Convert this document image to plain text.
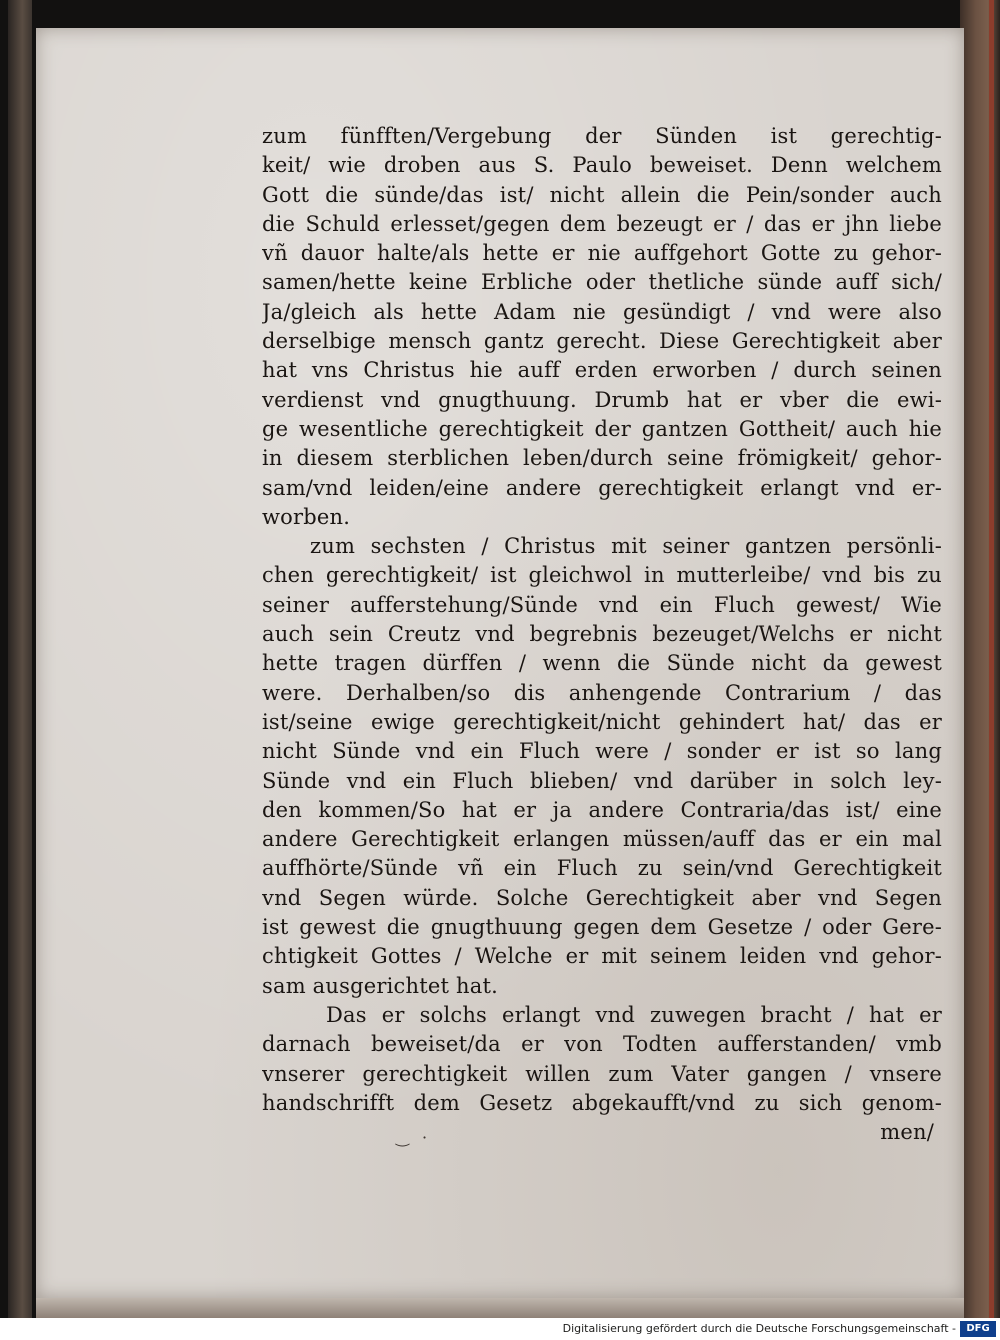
zum fünfften/Vergebung der Sünden ist gerechtig-
keit/ wie droben aus S. Paulo beweiset. Denn welchem
Gott die sünde/das ist/ nicht allein die Pein/sonder auch
die Schuld erlesset/gegen dem bezeugt er / das er jhn liebe
vñ dauor halte/als hette er nie auffgehort Gotte zu gehor-
samen/hette keine Erbliche oder thetliche sünde auff sich/
Ja/gleich als hette Adam nie gesündigt / vnd were also
derselbige mensch gantz gerecht. Diese Gerechtigkeit aber
hat vns Christus hie auff erden erworben / durch seinen
verdienst vnd gnugthuung. Drumb hat er vber die ewi-
ge wesentliche gerechtigkeit der gantzen Gottheit/ auch hie
in diesem sterblichen leben/durch seine frömigkeit/ gehor-
sam/vnd leiden/eine andere gerechtigkeit erlangt vnd er-
worben.
zum sechsten / Christus mit seiner gantzen persönli-
chen gerechtigkeit/ ist gleichwol in mutterleibe/ vnd bis zu
seiner aufferstehung/Sünde vnd ein Fluch gewest/ Wie
auch sein Creutz vnd begrebnis bezeuget/Welchs er nicht
hette tragen dürffen / wenn die Sünde nicht da gewest
were. Derhalben/so dis anhengende Contrarium / das
ist/seine ewige gerechtigkeit/nicht gehindert hat/ das er
nicht Sünde vnd ein Fluch were / sonder er ist so lang
Sünde vnd ein Fluch blieben/ vnd darüber in solch ley-
den kommen/So hat er ja andere Contraria/das ist/ eine
andere Gerechtigkeit erlangen müssen/auff das er ein mal
auffhörte/Sünde vñ ein Fluch zu sein/vnd Gerechtigkeit
vnd Segen würde. Solche Gerechtigkeit aber vnd Segen
ist gewest die gnugthuung gegen dem Gesetze / oder Gere-
chtigkeit Gottes / Welche er mit seinem leiden vnd gehor-
sam ausgerichtet hat.
Das er solchs erlangt vnd zuwegen bracht / hat er
darnach beweiset/da er von Todten aufferstanden/ vmb
vnserer gerechtigkeit willen zum Vater gangen / vnsere
handschrifft dem Gesetz abgekaufft/vnd zu sich genom-
men/
‿ ·
Digitalisierung gefördert durch die Deutsche Forschungsgemeinschaft -	DFG
